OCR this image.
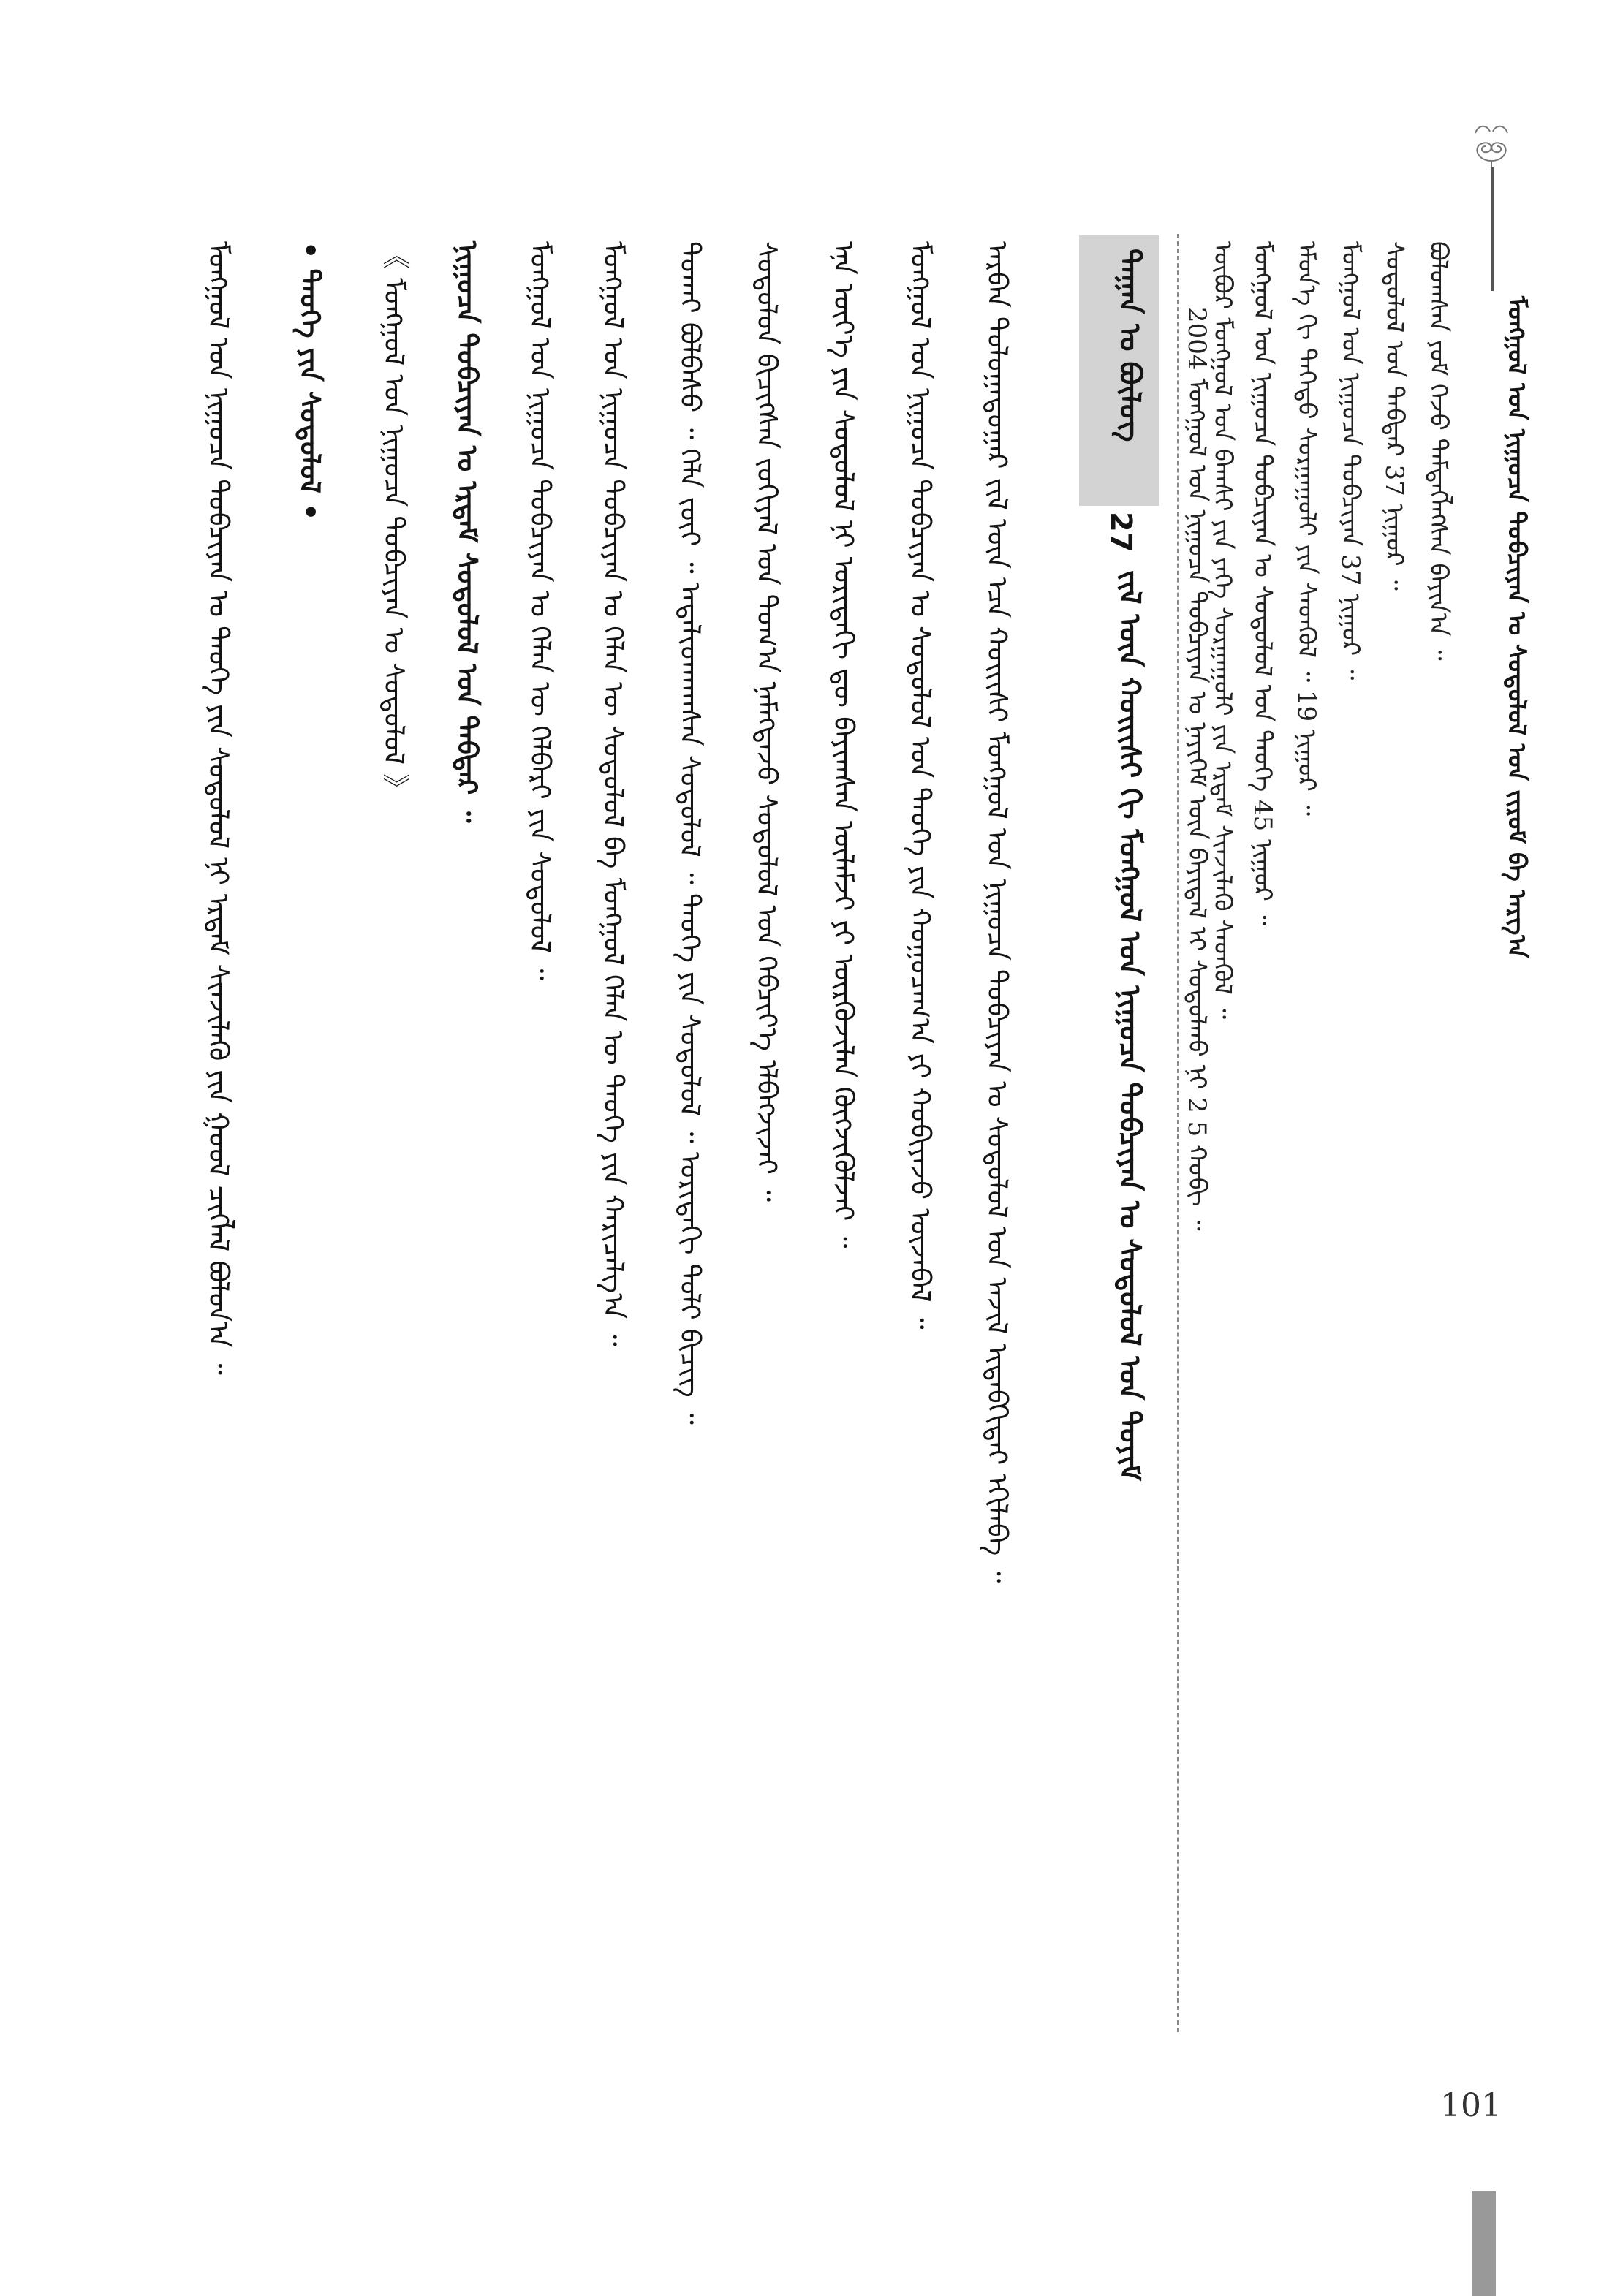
ᠮᠣᠩᠭᠣᠯ ᠤᠨ ᠨᠢᠭᠤᠴᠠ ᠲᠣᠪᠴᠢᠶᠠᠨ ᠤ ᠰᠤᠳᠤᠯᠤᠯ ᠤᠨ ᠵᠢᠷᠤᠮ ᠪᠠ ᠠᠷᠭ᠎ᠠ
ᠪᠣᠯᠤᠭᠰᠠᠨ ᠶᠤᠮ ᠭᠡᠵᠦ ᠲᠡᠮᠳᠡᠭᠯᠡᠭᠰᠡᠨ ᠪᠠᠶᠢᠨ᠎ᠠ ᠃
ᠰᠤᠳᠤᠯᠤᠯ ᠤᠨ ᠳᠡᠪᠲᠡᠷ 37 ᠨᠢᠭᠤᠷ ᠃
ᠮᠣᠩᠭᠣᠯ ᠤᠨ ᠨᠢᠭᠤᠴᠠ ᠲᠣᠪᠴᠢᠶᠠᠨ 37 ᠨᠢᠭᠤᠷ ᠃
ᠡᠮᠦᠨ᠎ᠡ ᠬᠢ ᠳᠡᠭᠡᠳᠦ ᠰᠤᠷᠭᠠᠭᠤᠯᠢ ᠶᠢᠨ ᠰᠡᠳᠬᠦᠯ ᠃ 19 ᠨᠢᠭᠤᠷ ᠃
ᠮᠣᠩᠭᠣᠯ ᠤᠨ ᠨᠢᠭᠤᠴᠠ ᠲᠣᠪᠴᠢᠶᠠᠨ ᠤ ᠰᠤᠳᠤᠯᠤᠯ ᠤᠨ ᠲᠡᠦᠬᠡ 45 ᠨᠢᠭᠤᠷ ᠃
ᠦᠪᠦᠷ ᠮᠣᠩᠭᠣᠯ ᠤᠨ ᠪᠠᠭᠰᠢ ᠶᠢᠨ ᠶᠡᠬᠡ ᠰᠤᠷᠭᠠᠭᠤᠯᠢ ᠶᠢᠨ ᠡᠷᠳᠡᠮ ᠰᠢᠨᠵᠢᠯᠡᠬᠦ ᠰᠡᠳᠬᠦᠯ ᠃
2004 ᠮᠣᠩᠭᠣᠯ ᠤᠨ ᠨᠢᠭᠤᠴᠠ ᠲᠣᠪᠴᠢᠶᠠᠨ ᠤ ᠨᠡᠶᠢᠭᠡᠮ ᠦᠨ ᠪᠠᠶᠢᠳᠠᠯ ᠢ ᠰᠤᠳᠤᠯᠬᠤ ᠨᠢ 2 5 ᠬᠤᠪᠢ ᠃
ᠳᠠᠭᠠᠨ ᠤ ᠪᠦᠯᠦᠭ
27
ᠵᠢᠯ ᠦᠨ ᠬᠣᠢᠢᠰᠢ ᠬᠢ ᠮᠣᠩᠭᠣᠯ ᠤᠨ ᠨᠢᠭᠤᠴᠠ ᠲᠣᠪᠴᠢᠶᠠᠨ ᠤ ᠰᠤᠳᠤᠯᠤᠯ ᠤᠨ ᠲᠣᠶᠢᠮ
ᠠᠷᠪᠠᠨ ᠳᠣᠯᠤᠭᠠᠳᠤᠭᠠᠷ ᠵᠢᠯ ᠦᠨ ᠡᠴᠡ ᠬᠣᠢᠢᠰᠢ ᠮᠣᠩᠭᠣᠯ ᠤᠨ ᠨᠢᠭᠤᠴᠠ ᠲᠣᠪᠴᠢᠶᠠᠨ ᠤ ᠰᠤᠳᠤᠯᠤᠯ ᠤᠨ ᠠᠵᠢᠯ ᠢᠳᠡᠪᠬᠢᠲᠡᠶ ᠡᠬᠢᠯᠡᠪᠡ ᠃
ᠮᠣᠩᠭᠣᠯ ᠤᠨ ᠨᠢᠭᠤᠴᠠ ᠲᠣᠪᠴᠢᠶᠠᠨ ᠤ ᠰᠤᠳᠤᠯᠤᠯ ᠤᠨ ᠲᠡᠦᠬᠡ ᠶᠢᠨ ᠬᠤᠭᠤᠴᠠᠭ᠎ᠠ ᠶᠢ ᠬᠤᠪᠢᠶᠠᠵᠤ ᠦᠵᠡᠪᠡᠯ ᠃
ᠡᠨᠡ ᠦᠶ᠎ᠡ ᠶᠢᠨ ᠰᠤᠳᠤᠯᠤᠯ ᠨᠢ ᠤᠷᠢᠳᠠᠬᠢ ᠳᠦ ᠪᠠᠶᠢᠭᠰᠠᠨ ᠦᠯᠡᠮᠵᠢ ᠶᠢ ᠦᠷᠭᠦᠵᠢᠯᠡᠨ ᠬᠦᠭᠵᠢᠭᠦᠯᠵᠡᠢ ᠃
ᠰᠤᠳᠤᠯᠤᠨ ᠪᠢᠴᠢᠭᠰᠡᠨ ᠵᠣᠬᠢᠶᠠᠯ ᠤᠨ ᠲᠣᠭ᠎ᠠ ᠨᠡᠮᠡᠭᠳᠡᠵᠦ ᠰᠤᠳᠤᠯᠤᠯ ᠤᠨ ᠬᠡᠪᠴᠢᠶ᠎ᠡ ᠡᠯᠪᠡᠭᠵᠢᠵᠡᠢ ᠃
ᠲᠤᠬᠠᠢ ᠪᠣᠯᠪᠠᠰᠤ ᠃ ᠬᠡᠯᠡ ᠵᠦᠢ ᠃ ᠠᠳᠠᠯᠢᠳᠬᠠᠭᠰᠠᠨ ᠰᠤᠳᠤᠯᠤᠯ ᠃ ᠲᠡᠦᠬᠡ ᠶᠢᠨ ᠰᠤᠳᠤᠯᠤᠯ ᠃ ᠤᠷᠢᠳᠠᠬᠢ ᠲᠣᠯᠢ ᠪᠢᠴᠢᠭ ᠃
ᠮᠣᠩᠭᠣᠯ ᠤᠨ ᠨᠢᠭᠤᠴᠠ ᠲᠣᠪᠴᠢᠶᠠᠨ ᠤ ᠬᠡᠯᠡᠨ ᠦ ᠰᠤᠳᠤᠯᠤᠯ ᠪᠠ ᠮᠣᠩᠭᠣᠯ ᠬᠡᠯᠡᠨ ᠦ ᠲᠡᠦᠬᠡ ᠶᠢᠨ ᠬᠠᠷᠢᠴᠠᠯᠭ᠎ᠠ ᠃
ᠮᠣᠩᠭᠣᠯ ᠤᠨ ᠨᠢᠭᠤᠴᠠ ᠲᠣᠪᠴᠢᠶᠠᠨ ᠤ ᠬᠡᠯᠡᠨ ᠦ ᠬᠡᠯᠪᠡᠷᠢ ᠶᠢᠨ ᠰᠤᠳᠤᠯᠤᠯ ᠃
ᠨᠢᠭᠤᠴᠠ ᠲᠣᠪᠴᠢᠶᠠᠨ ᠤ ᠡᠷᠳᠡᠮ ᠰᠤᠳᠤᠯᠤᠯ ᠤᠨ ᠳᠡᠪᠲᠡᠷ ᠃
《 ᠮᠣᠩᠭᠣᠯ ᠤᠨ ᠨᠢᠭᠤᠴᠠ ᠲᠣᠪᠴᠢᠶᠠᠨ ᠤ ᠰᠤᠳᠤᠯᠤᠯ 》
• ᠲᠡᠦᠬᠡ ᠶᠢᠨ ᠰᠤᠳᠤᠯᠤᠯ •
ᠮᠣᠩᠭᠣᠯ ᠤᠨ ᠨᠢᠭᠤᠴᠠ ᠲᠣᠪᠴᠢᠶᠠᠨ ᠤ ᠲᠡᠦᠬᠡ ᠶᠢᠨ ᠰᠤᠳᠤᠯᠤᠯ ᠨᠢ ᠡᠷᠳᠡᠮ ᠰᠢᠨᠵᠢᠯᠡᠬᠦ ᠶᠢᠨ ᠭᠣᠣᠯ ᠴᠢᠭᠯᠡᠯ ᠪᠣᠯᠤᠨ᠎ᠠ ᠃
101
